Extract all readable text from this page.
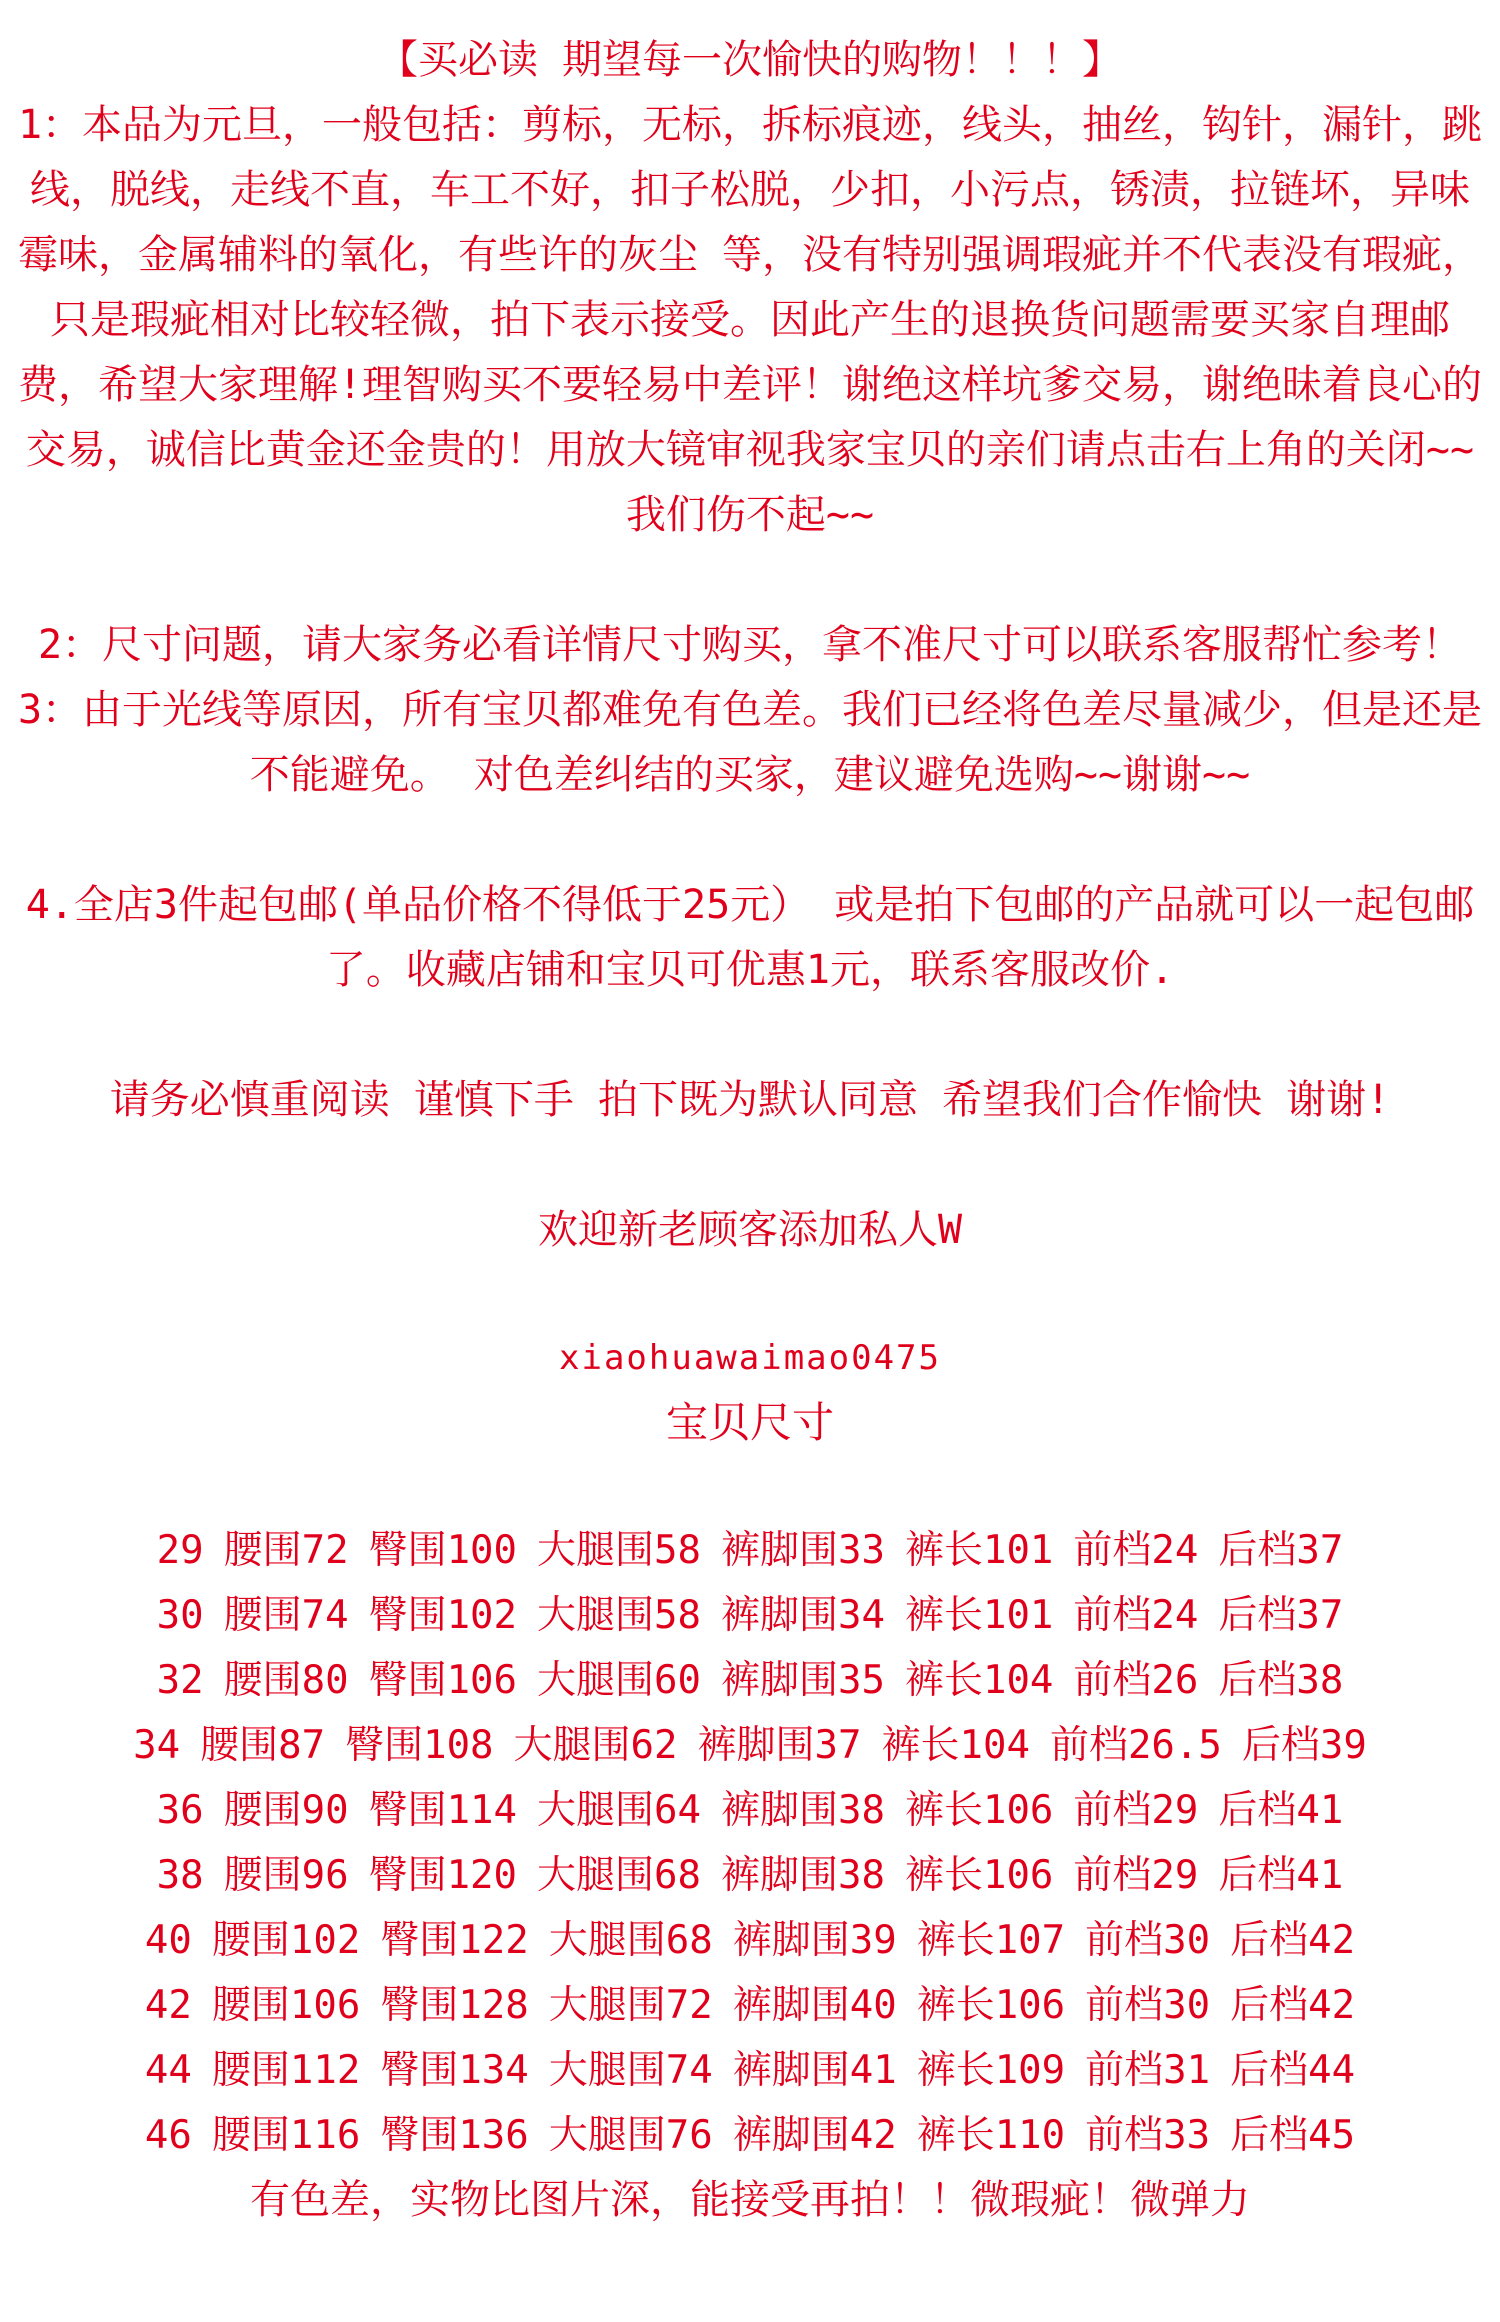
【买必读 期望每一次愉快的购物！！！】

1：本品为元旦，一般包括：剪标，无标，拆标痕迹，线头，抽丝，钩针，漏针，跳线，脱线，走线不直，车工不好，扣子松脱，少扣，小污点，锈渍，拉链坏，异味霉味，金属辅料的氧化，有些许的灰尘 等，没有特别强调瑕疵并不代表没有瑕疵，只是瑕疵相对比较轻微，拍下表示接受。因此产生的退换货问题需要买家自理邮费，希望大家理解!理智购买不要轻易中差评！谢绝这样坑爹交易，谢绝昧着良心的交易，诚信比黄金还金贵的！用放大镜审视我家宝贝的亲们请点击右上角的关闭~~我们伤不起~~

2：尺寸问题，请大家务必看详情尺寸购买，拿不准尺寸可以联系客服帮忙参考！

3：由于光线等原因，所有宝贝都难免有色差。我们已经将色差尽量减少，但是还是不能避免。 对色差纠结的买家，建议避免选购~~谢谢~~

4.全店3件起包邮(单品价格不得低于25元） 或是拍下包邮的产品就可以一起包邮了。收藏店铺和宝贝可优惠1元，联系客服改价.

请务必慎重阅读 谨慎下手 拍下既为默认同意 希望我们合作愉快 谢谢!

欢迎新老顾客添加私人W

xiaohuawaimao0475

宝贝尺寸

29 腰围72 臀围100 大腿围58 裤脚围33 裤长101 前档24 后档37
30 腰围74 臀围102 大腿围58 裤脚围34 裤长101 前档24 后档37
32 腰围80 臀围106 大腿围60 裤脚围35 裤长104 前档26 后档38
34 腰围87 臀围108 大腿围62 裤脚围37 裤长104 前档26.5 后档39
36 腰围90 臀围114 大腿围64 裤脚围38 裤长106 前档29 后档41
38 腰围96 臀围120 大腿围68 裤脚围38 裤长106 前档29 后档41
40 腰围102 臀围122 大腿围68 裤脚围39 裤长107 前档30 后档42
42 腰围106 臀围128 大腿围72 裤脚围40 裤长106 前档30 后档42
44 腰围112 臀围134 大腿围74 裤脚围41 裤长109 前档31 后档44
46 腰围116 臀围136 大腿围76 裤脚围42 裤长110 前档33 后档45

有色差，实物比图片深，能接受再拍！！微瑕疵！微弹力
